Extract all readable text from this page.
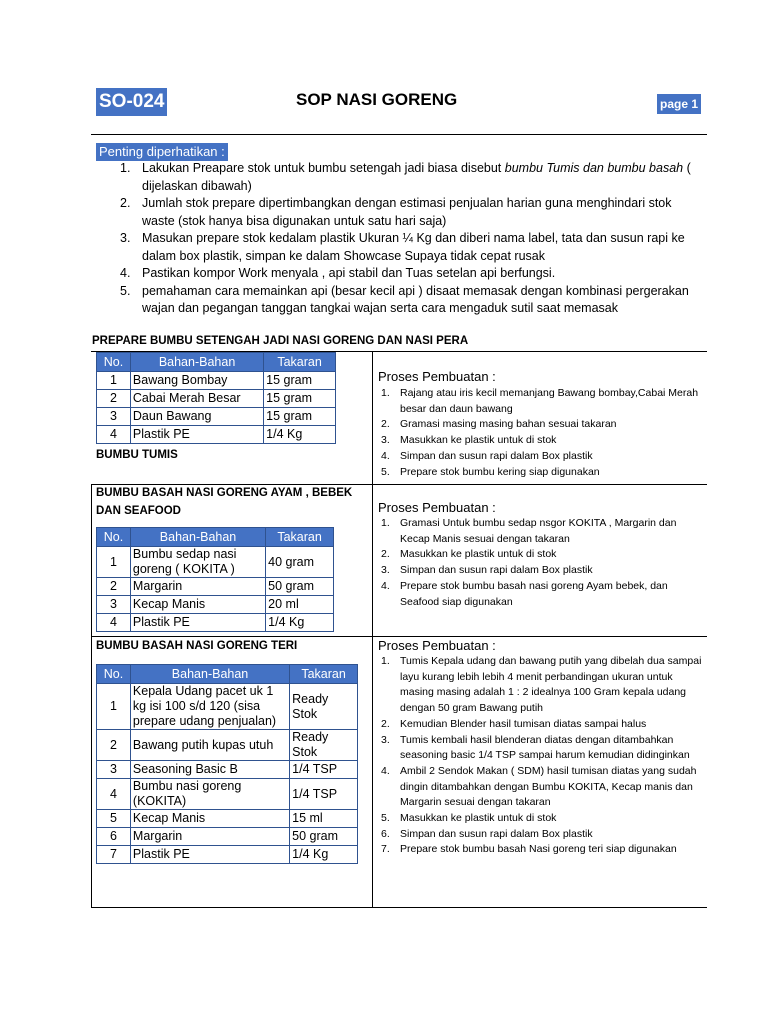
SO-024	SOP NASI GORENG	page 1
Penting diperhatikan :
1. Lakukan Preapare stok untuk bumbu setengah jadi biasa disebut bumbu Tumis dan bumbu basah ( dijelaskan dibawah)
2. Jumlah stok prepare dipertimbangkan dengan estimasi penjualan harian guna menghindari stok waste (stok hanya bisa digunakan untuk satu hari saja)
3. Masukan prepare stok kedalam plastik Ukuran ¼ Kg dan diberi nama label, tata dan susun rapi ke dalam box plastik, simpan ke dalam Showcase Supaya tidak cepat rusak
4. Pastikan kompor Work menyala , api stabil dan Tuas setelan api berfungsi.
5. pemahaman cara memainkan api (besar kecil api ) disaat memasak dengan kombinasi pergerakan wajan dan pegangan tanggan tangkai wajan serta cara mengaduk sutil saat memasak
PREPARE BUMBU SETENGAH JADI NASI GORENG DAN NASI PERA
No.	Bahan-Bahan	Takaran
1	Bawang Bombay	15 gram
2	Cabai Merah Besar	15 gram
3	Daun Bawang	15 gram
4	Plastik PE	1/4 Kg
BUMBU TUMIS
Proses Pembuatan :
1. Rajang atau iris kecil memanjang Bawang bombay,Cabai Merah besar dan daun bawang
2. Gramasi masing masing bahan sesuai takaran
3. Masukkan ke plastik untuk di stok
4. Simpan dan susun rapi dalam Box plastik
5. Prepare stok bumbu kering siap digunakan
BUMBU BASAH NASI GORENG AYAM , BEBEK DAN SEAFOOD
No.	Bahan-Bahan	Takaran
1	Bumbu sedap nasi goreng ( KOKITA )	40 gram
2	Margarin	50 gram
3	Kecap Manis	20 ml
4	Plastik PE	1/4 Kg
Proses Pembuatan :
1. Gramasi Untuk bumbu sedap nsgor KOKITA , Margarin dan Kecap Manis sesuai dengan takaran
2. Masukkan ke plastik untuk di stok
3. Simpan dan susun rapi dalam Box plastik
4. Prepare stok bumbu basah nasi goreng Ayam bebek, dan Seafood siap digunakan
BUMBU BASAH NASI GORENG TERI
No.	Bahan-Bahan	Takaran
1	Kepala Udang pacet uk 1 kg isi 100 s/d 120 (sisa prepare udang penjualan)	Ready Stok
2	Bawang putih kupas utuh	Ready Stok
3	Seasoning Basic B	1/4 TSP
4	Bumbu nasi goreng (KOKITA)	1/4 TSP
5	Kecap Manis	15 ml
6	Margarin	50 gram
7	Plastik PE	1/4 Kg
Proses Pembuatan :
1. Tumis Kepala udang dan bawang putih yang dibelah dua sampai layu kurang lebih lebih 4 menit perbandingan ukuran untuk masing masing adalah 1 : 2 idealnya 100 Gram kepala udang dengan 50 gram Bawang putih
2. Kemudian Blender hasil tumisan diatas sampai halus
3. Tumis kembali hasil blenderan diatas dengan ditambahkan seasoning basic 1/4 TSP sampai harum kemudian didinginkan
4. Ambil 2 Sendok Makan ( SDM) hasil tumisan diatas yang sudah dingin ditambahkan dengan Bumbu KOKITA, Kecap manis dan Margarin sesuai dengan takaran
5. Masukkan ke plastik untuk di stok
6. Simpan dan susun rapi dalam Box plastik
7. Prepare stok bumbu basah Nasi goreng teri siap digunakan
